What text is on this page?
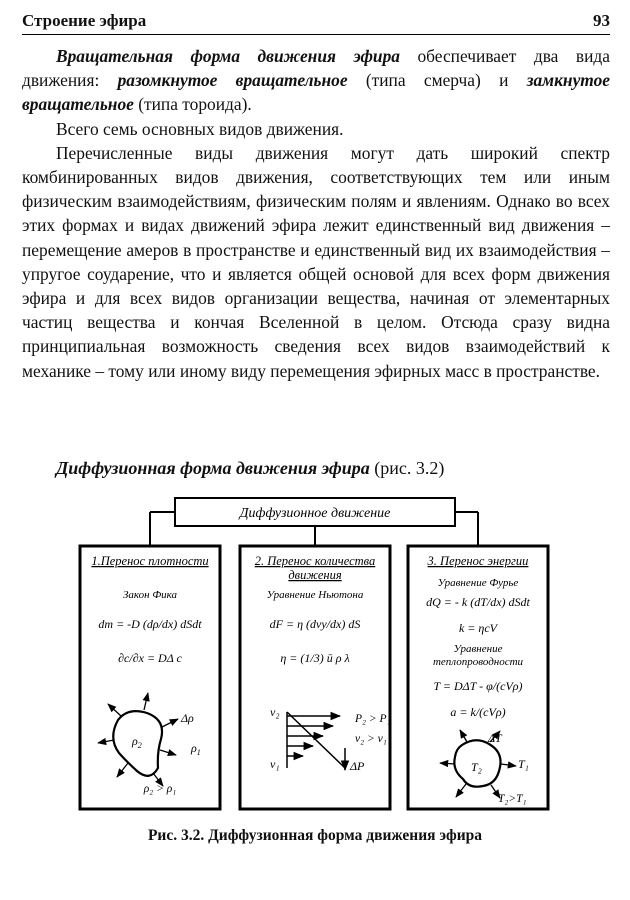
Строение эфира	93

Вращательная форма движения эфира обеспечивает два вида движения: разомкнутое вращательное (типа смерча) и замкнутое вращательное (типа тороида).

Всего семь основных видов движения.

Перечисленные виды движения могут дать широкий спектр комбинированных видов движения, соответствующих тем или иным физическим взаимодействиям, физическим полям и явлениям. Однако во всех этих формах и видах движений эфира лежит единственный вид движения – перемещение амеров в пространстве и единственный вид их взаимодействия – упругое соударение, что и является общей основой для всех форм движения эфира и для всех видов организации вещества, начиная от элементарных частиц вещества и кончая Вселенной в целом. Отсюда сразу видна принципиальная возможность сведения всех видов взаимодействий к механике – тому или иному виду перемещения эфирных масс в пространстве.

Диффузионная форма движения эфира (рис. 3.2)
Диффузионное движение
1.Перенос плотности
Закон Фика
dm = -D (dρ/dx) dSdt
∂c/∂x = DΔ c
$\rho_2$
Δρ
$\rho_1$
ρ₂ > ρ₁
2. Перенос количества
движения
Уравнение Ньютона
dF = η (dvy/dx) dS
η = (1/3) ū ρ λ
v₂
v₁
P₂ > P₁
v₂ > v₁
ΔP
3. Перенос энергии
Уравнение Фурье
dQ = - k (dT/dx) dSdt
k = ηcV
Уравнение
теплопроводности
T = DΔT - φ/(cVρ)
a = k/(cVρ)
ΔT
T₂	T₁
T₂>T₁
Рис. 3.2. Диффузионная форма движения эфира
